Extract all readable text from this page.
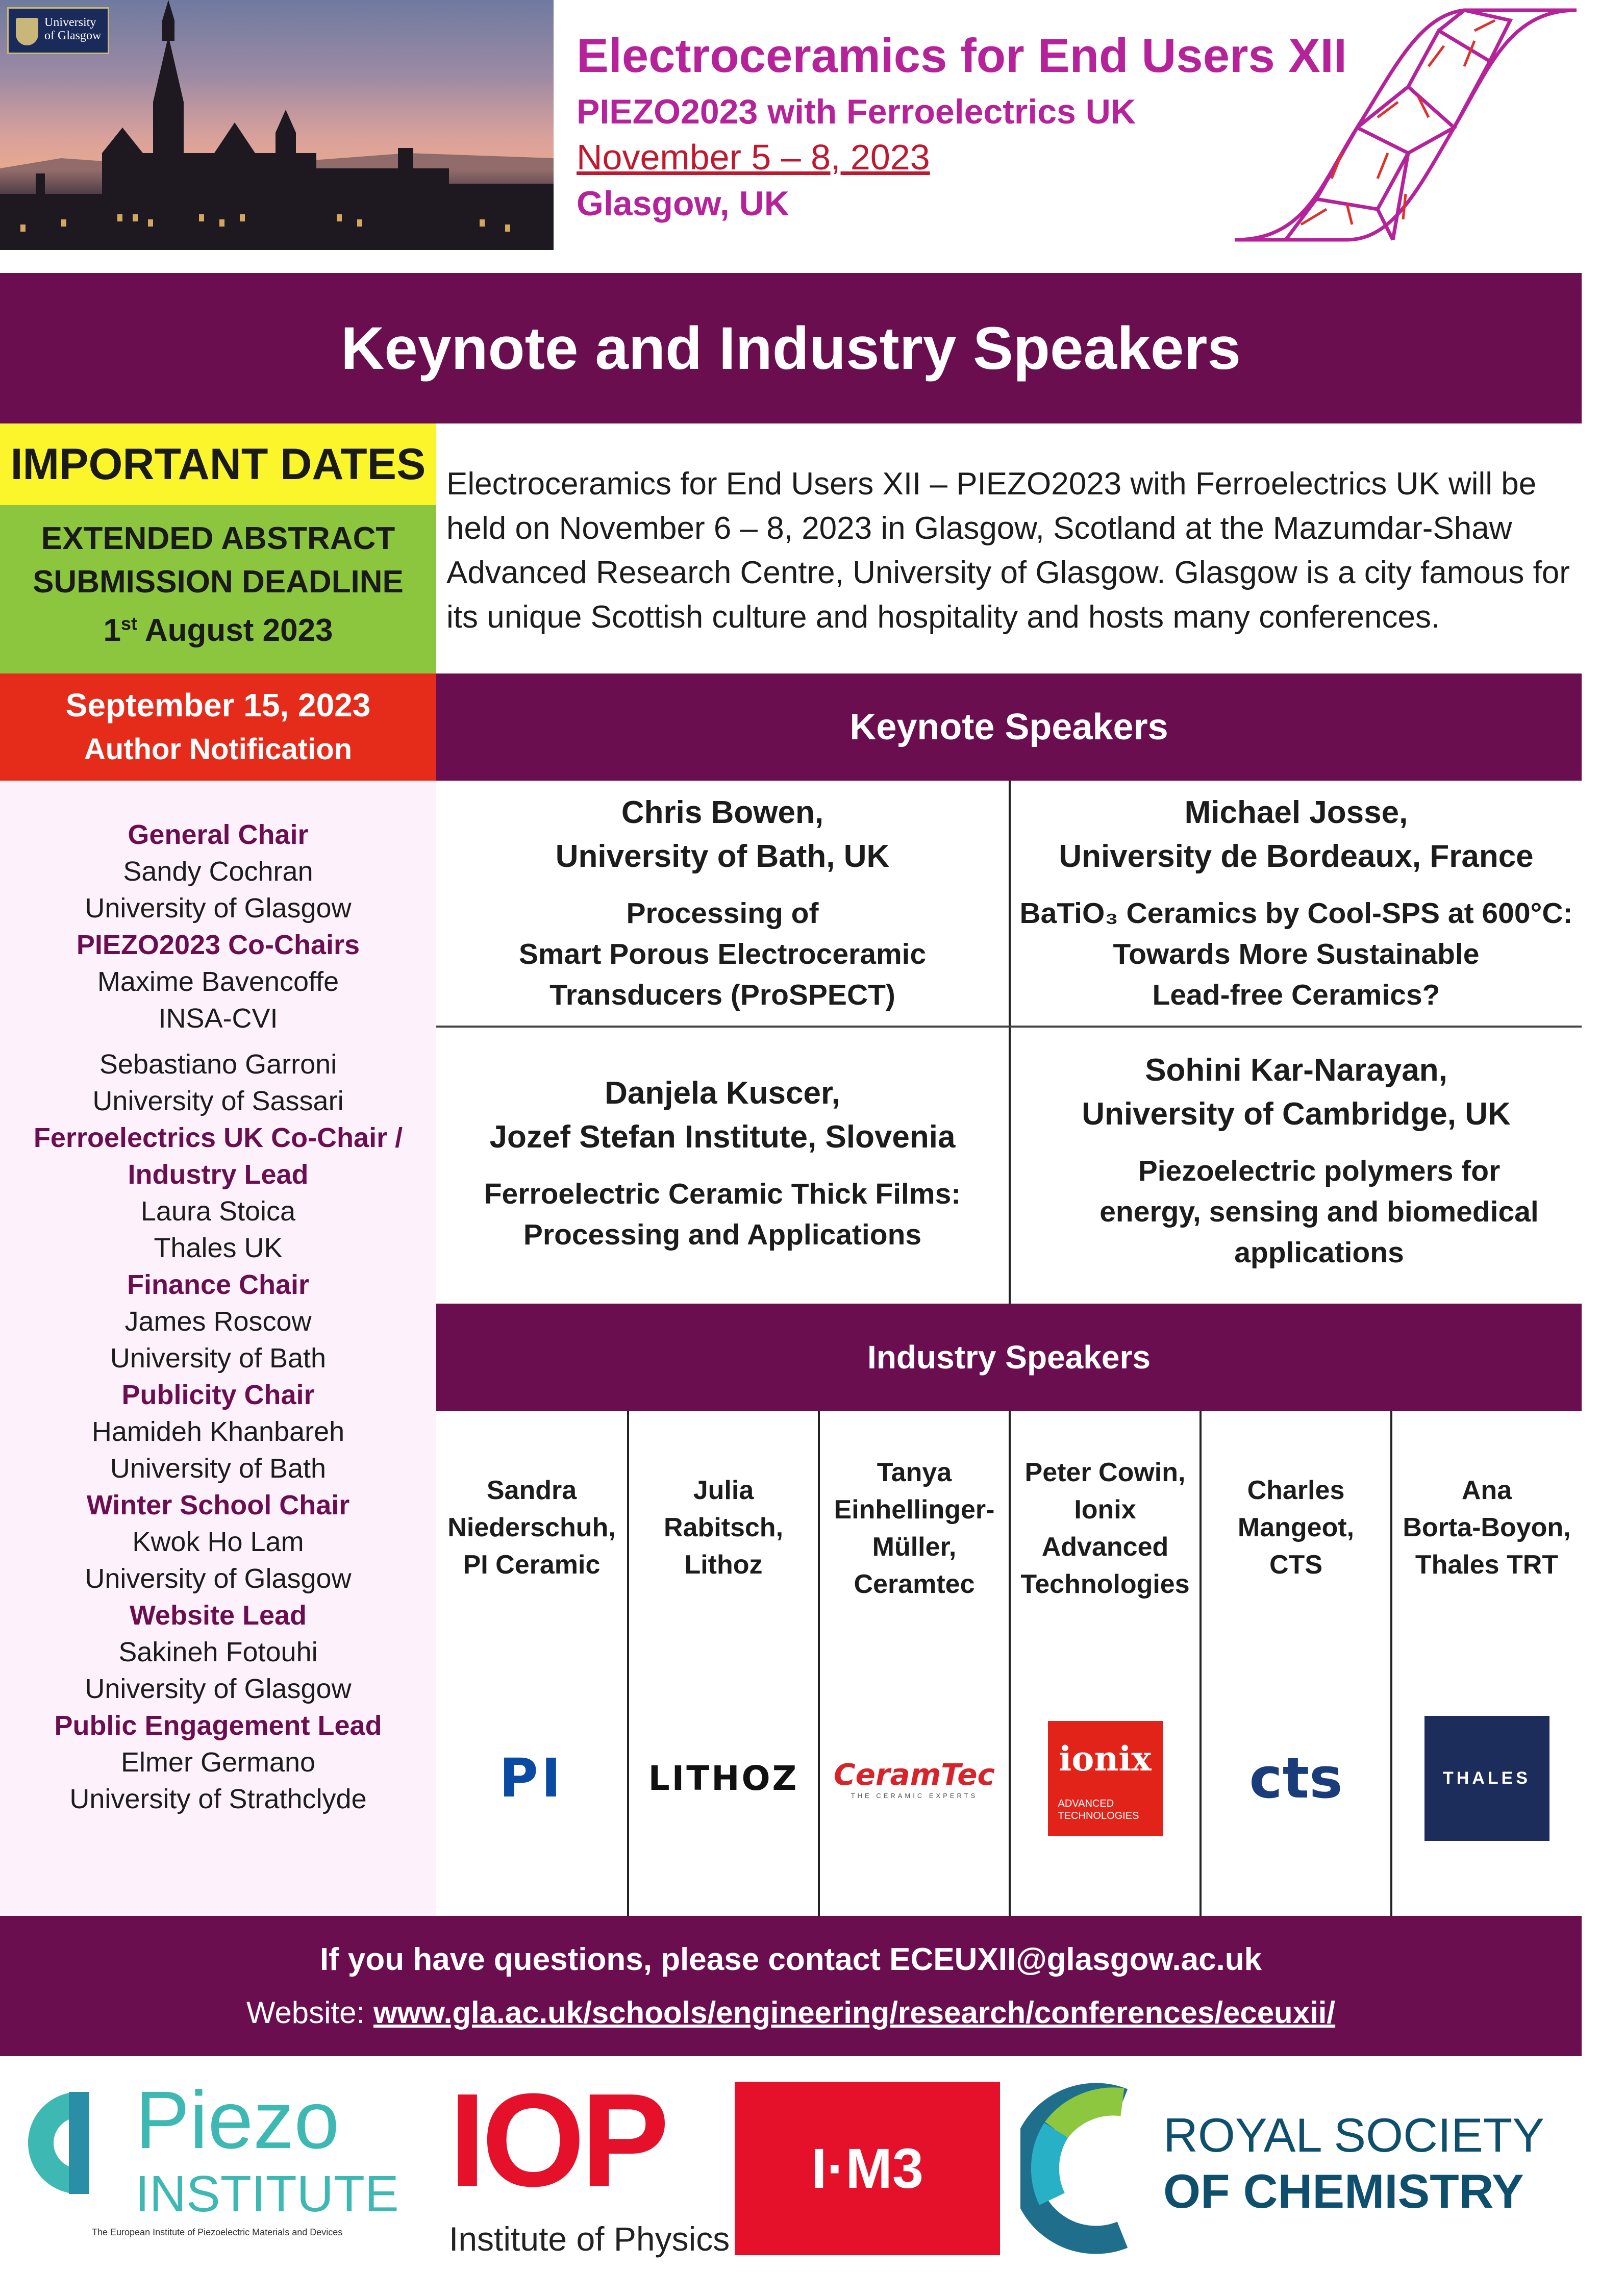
University of Glasgow	Electroceramics for End Users XII
PIEZO2023 with Ferroelectrics UK
November 5 – 8, 2023
Glasgow, UK
Keynote and Industry Speakers
IMPORTANT DATES
EXTENDED ABSTRACT
SUBMISSION DEADLINE
1st August 2023
September 15, 2023
Author Notification
General Chair
Sandy Cochran
University of Glasgow
PIEZO2023 Co-Chairs
Maxime Bavencoffe
INSA-CVI
Sebastiano Garroni
University of Sassari
Ferroelectrics UK Co-Chair /
Industry Lead
Laura Stoica
Thales UK
Finance Chair
James Roscow
University of Bath
Publicity Chair
Hamideh Khanbareh
University of Bath
Winter School Chair
Kwok Ho Lam
University of Glasgow
Website Lead
Sakineh Fotouhi
University of Glasgow
Public Engagement Lead
Elmer Germano
University of Strathclyde
Electroceramics for End Users XII – PIEZO2023 with Ferroelectrics UK will be held on November 6 – 8, 2023 in Glasgow, Scotland at the Mazumdar-Shaw Advanced Research Centre, University of Glasgow. Glasgow is a city famous for its unique Scottish culture and hospitality and hosts many conferences.
Keynote Speakers
Chris Bowen,
University of Bath, UK
Processing of
Smart Porous Electroceramic
Transducers (ProSPECT)
Michael Josse,
University de Bordeaux, France
BaTiO₃ Ceramics by Cool-SPS at 600°C:
Towards More Sustainable
Lead-free Ceramics?
Danjela Kuscer,
Jozef Stefan Institute, Slovenia
Ferroelectric Ceramic Thick Films:
Processing and Applications
Sohini Kar-Narayan,
University of Cambridge, UK
Piezoelectric polymers for
energy, sensing and biomedical
applications
Industry Speakers
Sandra
Niederschuh,
PI Ceramic
PI
Julia
Rabitsch,
Lithoz
LITHOZ
Tanya
Einhellinger-
Müller,
Ceramtec
CeramTec
THE CERAMIC EXPERTS
Peter Cowin,
Ionix
Advanced
Technologies
ionix
ADVANCED TECHNOLOGIES
Charles
Mangeot,
CTS
cts
Ana
Borta-Boyon,
Thales TRT
THALES
If you have questions, please contact ECEUXII@glasgow.ac.uk
Website: www.gla.ac.uk/schools/engineering/research/conferences/eceuxii/
Piezo
INSTITUTE
The European Institute of Piezoelectric Materials and Devices
IOP
Institute of Physics
I·M3
ROYAL SOCIETY
OF CHEMISTRY
